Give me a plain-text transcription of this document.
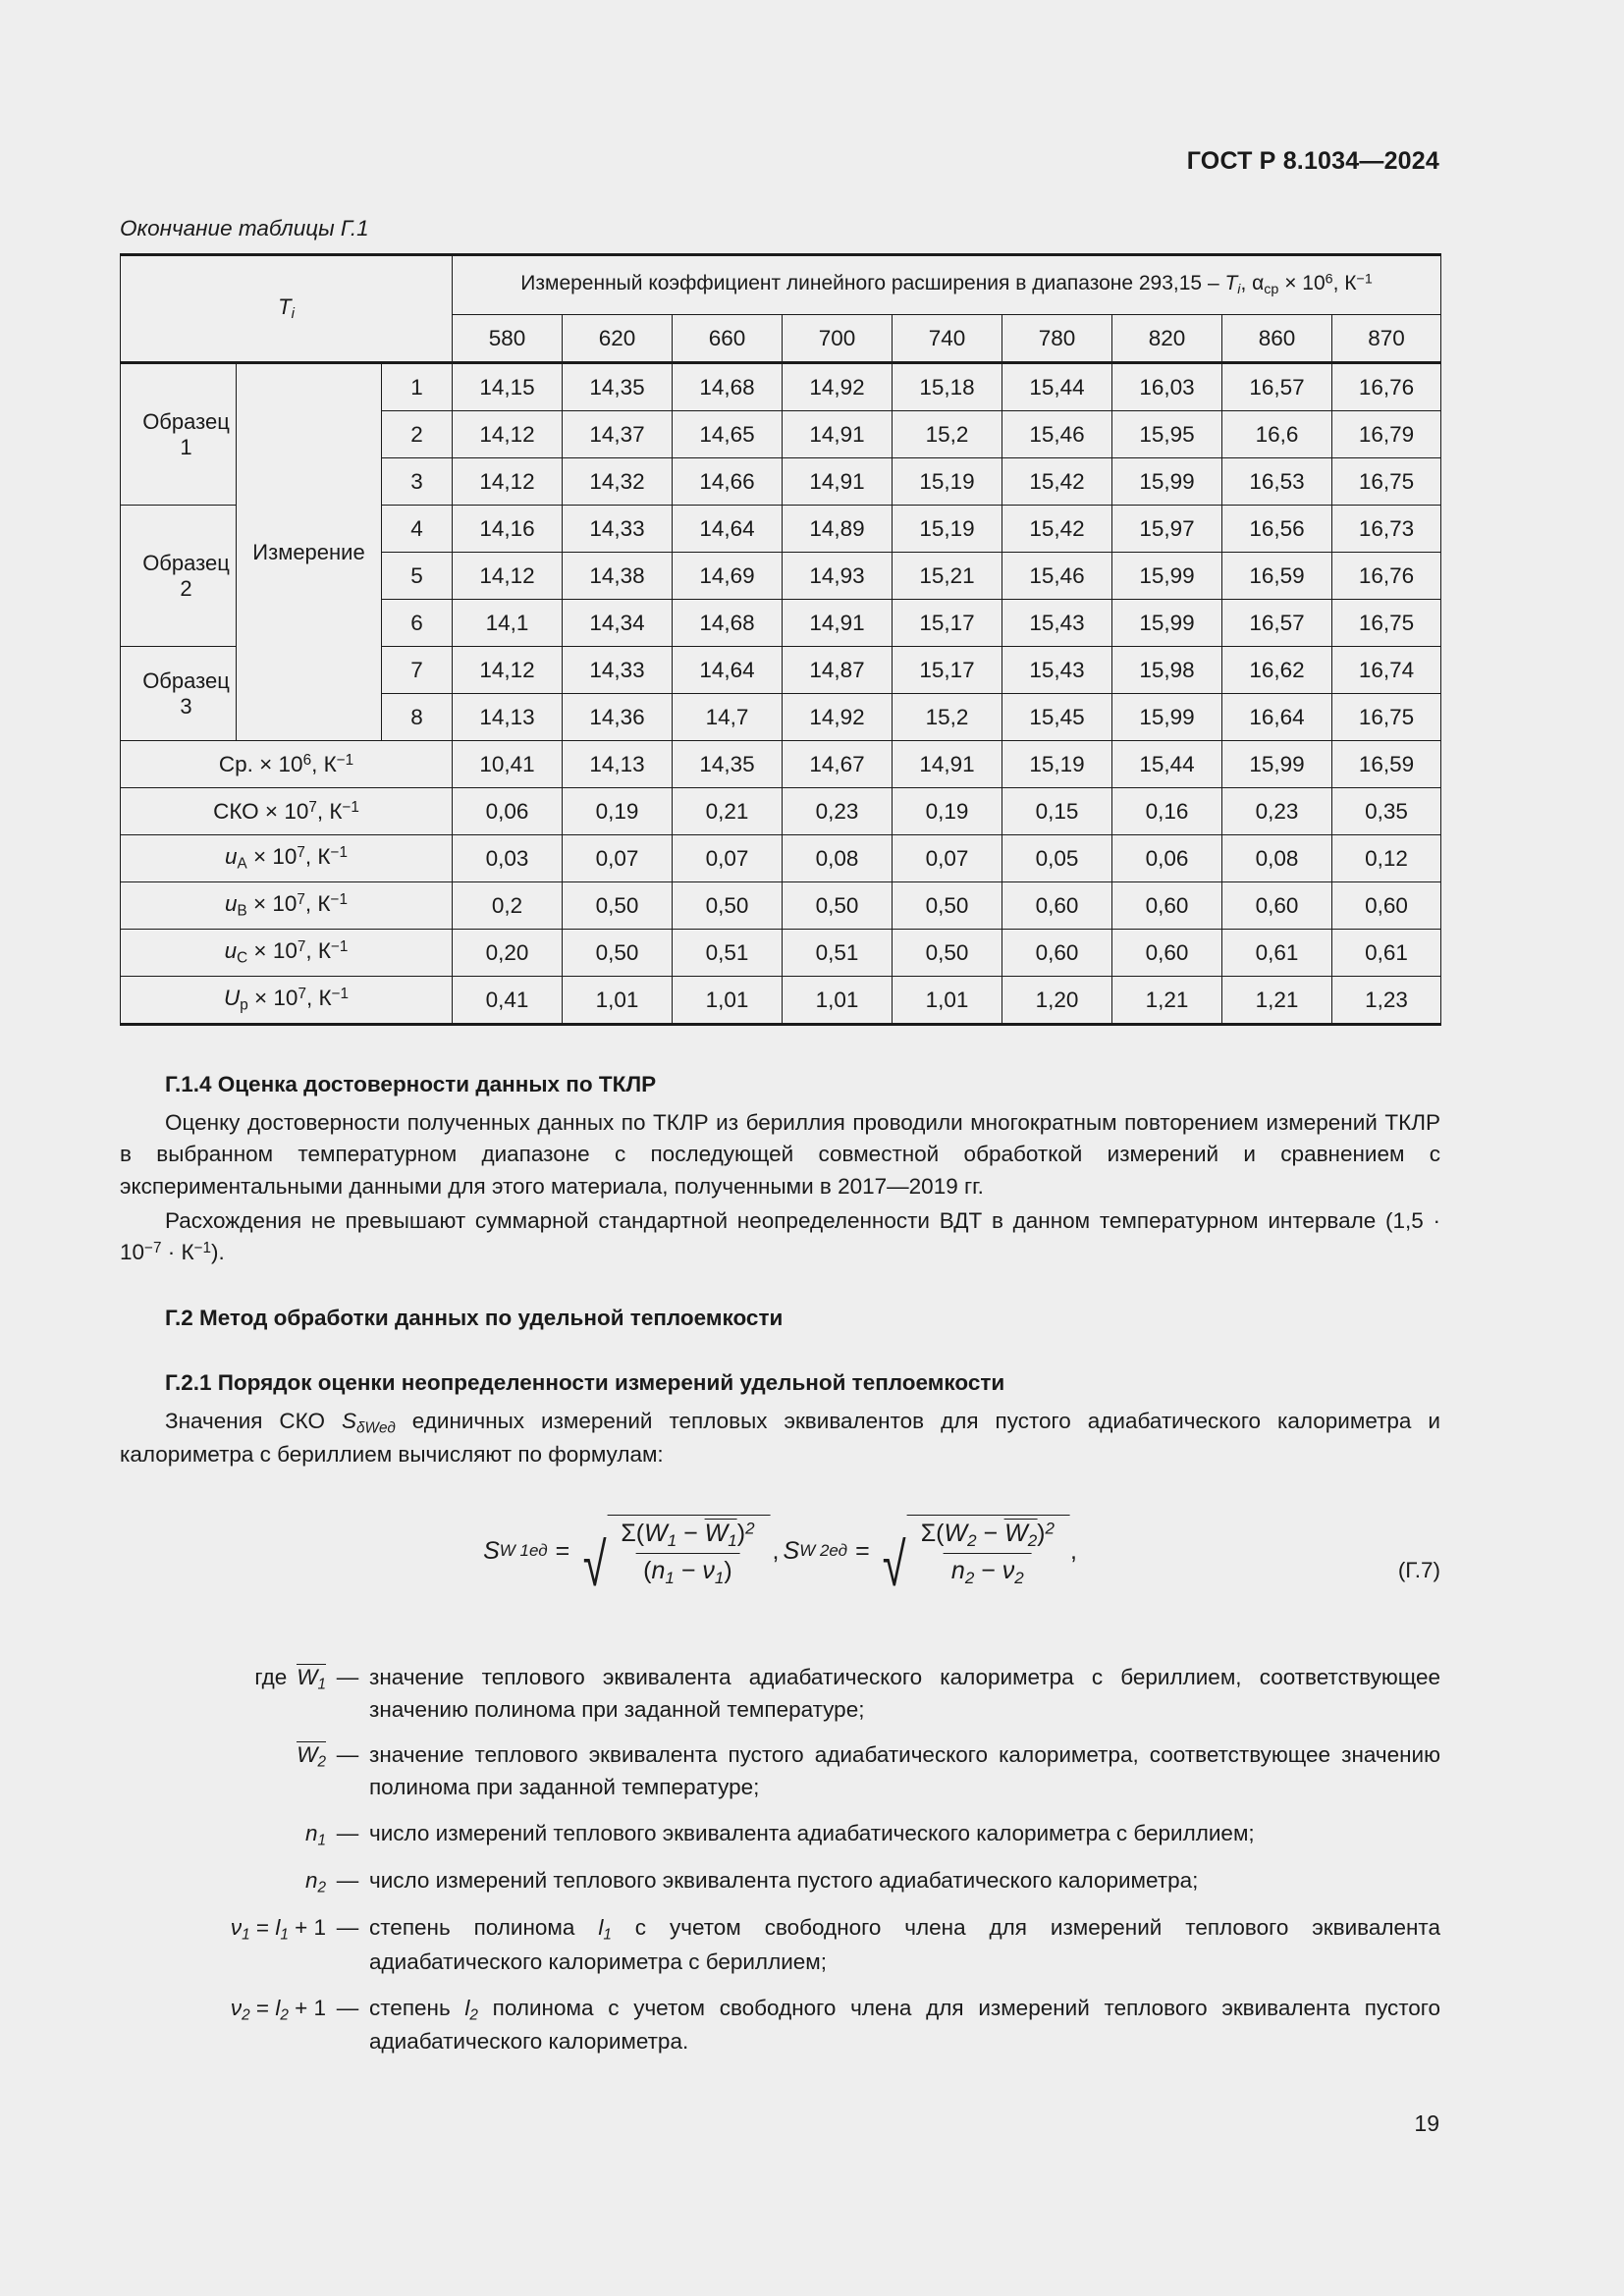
ГОСТ Р 8.1034—2024
Окончание таблицы Г.1
$T_i$			Измеренный коэффициент линейного расширения в диапазоне $293,15 - T_i$, $\alpha_{ср} \times 10^6$, $К^{-1}$
			580	620	660	700	740	780	820	860	870
Образец 1	Измерение	1	14,15	14,35	14,68	14,92	15,18	15,44	16,03	16,57	16,76
		2	14,12	14,37	14,65	14,91	15,2	15,46	15,95	16,6	16,79
		3	14,12	14,32	14,66	14,91	15,19	15,42	15,99	16,53	16,75
Образец 2		4	14,16	14,33	14,64	14,89	15,19	15,42	15,97	16,56	16,73
		5	14,12	14,38	14,69	14,93	15,21	15,46	15,99	16,59	16,76
		6	14,1	14,34	14,68	14,91	15,17	15,43	15,99	16,57	16,75
Образец 3		7	14,12	14,33	14,64	14,87	15,17	15,43	15,98	16,62	16,74
		8	14,13	14,36	14,7	14,92	15,2	15,45	15,99	16,64	16,75
Ср. × $10^6$, $К^{-1}$			10,41	14,13	14,35	14,67	14,91	15,19	15,44	15,99	16,59
СКО × $10^7$, $К^{-1}$			0,06	0,19	0,21	0,23	0,19	0,15	0,16	0,23	0,35
$u_А \times 10^7$, $К^{-1}$			0,03	0,07	0,07	0,08	0,07	0,05	0,06	0,08	0,12
$u_В \times 10^7$, $К^{-1}$			0,2	0,50	0,50	0,50	0,50	0,60	0,60	0,60	0,60
$u_С \times 10^7$, $К^{-1}$			0,20	0,50	0,51	0,51	0,50	0,60	0,60	0,61	0,61
$U_р \times 10^7$, $К^{-1}$			0,41	1,01	1,01	1,01	1,01	1,20	1,21	1,21	1,23
Г.1.4 Оценка достоверности данных по ТКЛР

Оценку достоверности полученных данных по ТКЛР из бериллия проводили многократным повторением измерений ТКЛР в выбранном температурном диапазоне с последующей совместной обработкой измерений и сравнением с экспериментальными данными для этого материала, полученными в 2017—2019 гг.

Расхождения не превышают суммарной стандартной неопределенности ВДТ в данном температурном интервале $(1,5 \cdot 10^{-7} \cdot К^{-1})$.

Г.2 Метод обработки данных по удельной теплоемкости
Г.2.1 Порядок оценки неопределенности измерений удельной теплоемкости

Значения СКО $S_{\delta Wед}$ единичных измерений тепловых эквивалентов для пустого адиабатического калориметра и калориметра с бериллием вычисляют по формулам:

S W 1ед = √ $\frac{\Sigma(W_1 - W_1)^2}{(n_1 - \nu_1)}$ , S W 2ед = √ $\frac{\Sigma(W_2 - W_2)^2}{n_2 - \nu_2}$ ,
(Г.7)
где $W_1$ — значение теплового эквивалента адиабатического калориметра с бериллием, соответствующее значению полинома при заданной температуре;
$W_2$ — значение теплового эквивалента пустого адиабатического калориметра, соответствующее значению полинома при заданной температуре;
$n_1$ — число измерений теплового эквивалента адиабатического калориметра с бериллием;
$n_2$ — число измерений теплового эквивалента пустого адиабатического калориметра;
$\nu_1 = l_1 + 1$ — степень полинома $l_1$ с учетом свободного члена для измерений теплового эквивалента адиабатического калориметра с бериллием;
$\nu_2 = l_2 + 1$ — степень $l_2$ полинома с учетом свободного члена для измерений теплового эквивалента пустого адиабатического калориметра.
19
